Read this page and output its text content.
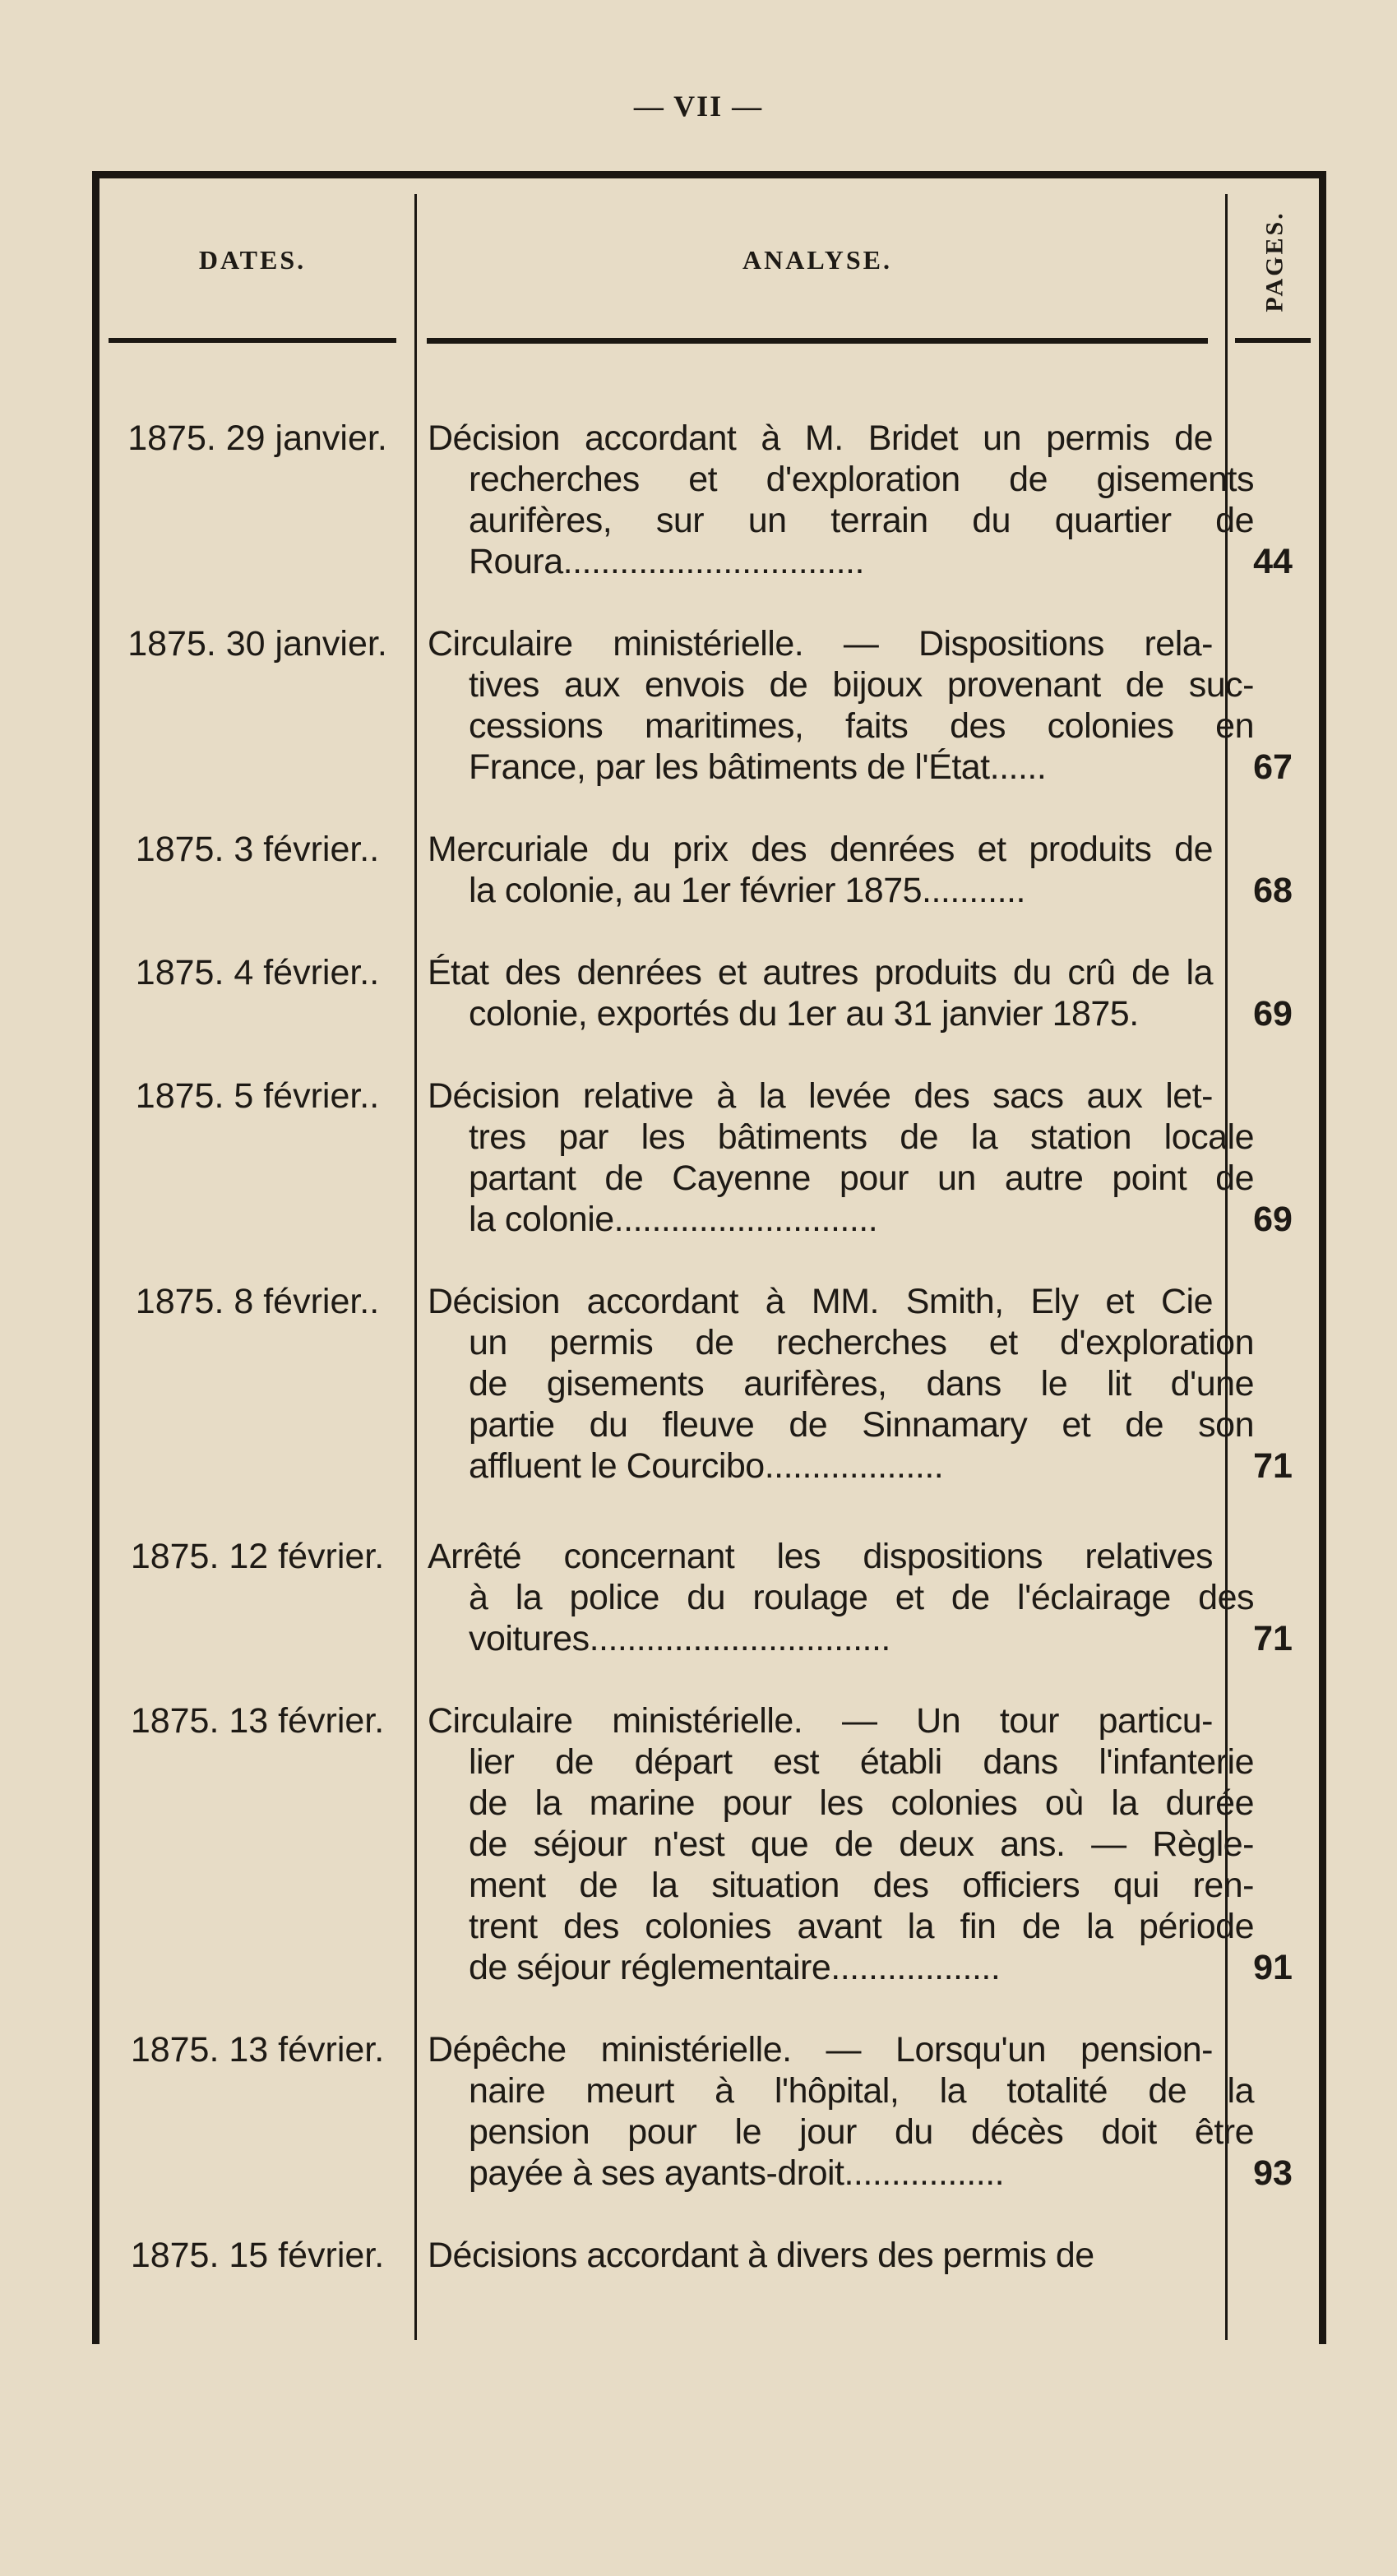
— VII —
DATES.	ANALYSE.	PAGES.
1875. 29 janvier.	Décision accordant à M. Bridet un permis de
recherches et d'exploration de gisements
aurifères, sur un terrain du quartier de
Roura................................	44
1875. 30 janvier.	Circulaire ministérielle. — Dispositions rela-
tives aux envois de bijoux provenant de suc-
cessions maritimes, faits des colonies en
France, par les bâtiments de l'État......	67
1875. 3 février..	Mercuriale du prix des denrées et produits de
la colonie, au 1er février 1875...........	68
1875. 4 février..	État des denrées et autres produits du crû de la
colonie, exportés du 1er au 31 janvier 1875.	69
1875. 5 février..	Décision relative à la levée des sacs aux let-
tres par les bâtiments de la station locale
partant de Cayenne pour un autre point de
la colonie............................	69
1875. 8 février..	Décision accordant à MM. Smith, Ely et Cie
un permis de recherches et d'exploration
de gisements aurifères, dans le lit d'une
partie du fleuve de Sinnamary et de son
affluent le Courcibo...................	71
1875. 12 février.	Arrêté concernant les dispositions relatives
à la police du roulage et de l'éclairage des
voitures................................	71
1875. 13 février.	Circulaire ministérielle. — Un tour particu-
lier de départ est établi dans l'infanterie
de la marine pour les colonies où la durée
de séjour n'est que de deux ans. — Règle-
ment de la situation des officiers qui ren-
trent des colonies avant la fin de la période
de séjour réglementaire..................	91
1875. 13 février.	Dépêche ministérielle. — Lorsqu'un pension-
naire meurt à l'hôpital, la totalité de la
pension pour le jour du décès doit être
payée à ses ayants-droit.................	93
1875. 15 février.	Décisions accordant à divers des permis de
